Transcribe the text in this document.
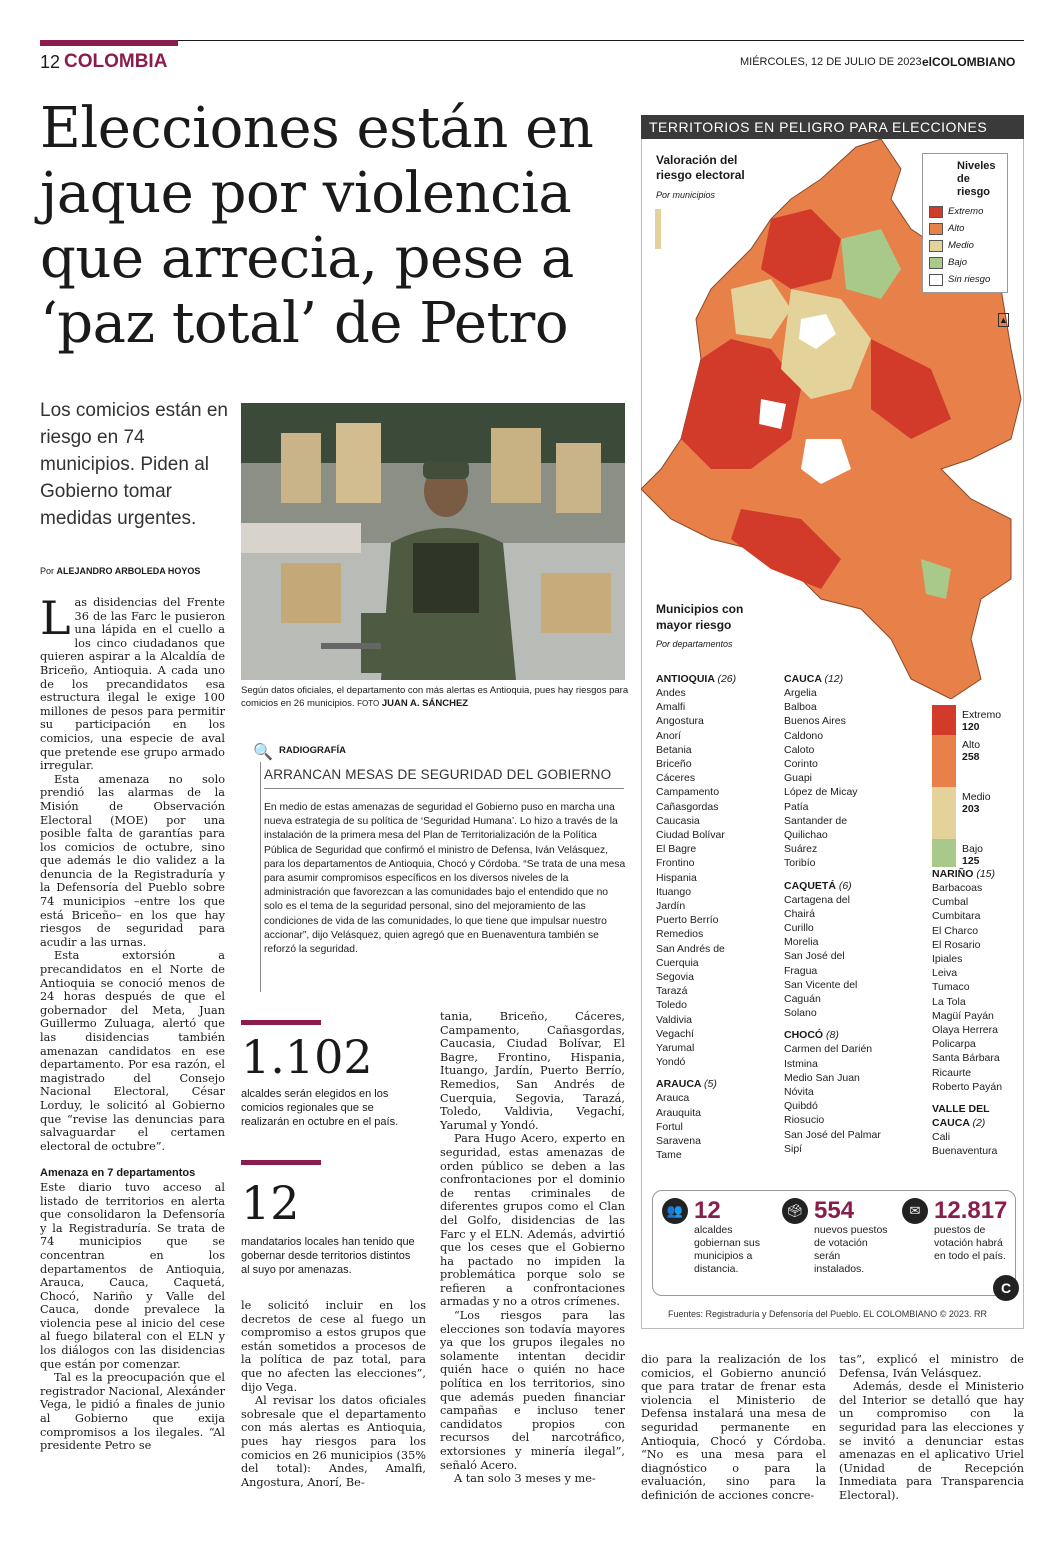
12 COLOMBIA	MIÉRCOLES, 12 DE JULIO DE 2023 elCOLOMBIANO
Elecciones están en jaque por violencia que arrecia, pese a ‘paz total’ de Petro
Los comicios están en riesgo en 74 municipios. Piden al Gobierno tomar medidas urgentes.
Por ALEJANDRO ARBOLEDA HOYOS

Las disidencias del Frente 36 de las Farc le pusieron una lápida en el cuello a los cinco ciudadanos que quieren aspirar a la Alcaldía de Briceño, Antioquia. A cada uno de los precandidatos esa estructura ilegal le exige 100 millones de pesos para permitir su participación en los comicios, una especie de aval que pretende ese grupo armado irregular.

Esta amenaza no solo prendió las alarmas de la Misión de Observación Electoral (MOE) por una posible falta de garantías para los comicios de octubre, sino que además le dio validez a la denuncia de la Registraduría y la Defensoría del Pueblo sobre 74 municipios –entre los que está Briceño– en los que hay riesgos de seguridad para acudir a las urnas.

Esta extorsión a precandidatos en el Norte de Antioquia se conoció menos de 24 horas después de que el gobernador del Meta, Juan Guillermo Zuluaga, alertó que las disidencias también amenazan candidatos en ese departamento. Por esa razón, el magistrado del Consejo Nacional Electoral, César Lorduy, le solicitó al Gobierno que “revise las denuncias para salvaguardar el certamen electoral de octubre”.

Amenaza en 7 departamentos

Este diario tuvo acceso al listado de territorios en alerta que consolidaron la Defensoría y la Registraduría. Se trata de 74 municipios que se concentran en los departamentos de Antioquia, Arauca, Cauca, Caquetá, Chocó, Nariño y Valle del Cauca, donde prevalece la violencia pese al inicio del cese al fuego bilateral con el ELN y los diálogos con las disidencias que están por comenzar.

Tal es la preocupación que el registrador Nacional, Alexánder Vega, le pidió a finales de junio al Gobierno que exija compromisos a los ilegales. “Al presidente Petro se

Según datos oficiales, el departamento con más alertas es Antioquia, pues hay riesgos para comicios en 26 municipios. FOTO JUAN A. SÁNCHEZ
🔍 RADIOGRAFÍA
ARRANCAN MESAS DE SEGURIDAD DEL GOBIERNO
En medio de estas amenazas de seguridad el Gobierno puso en marcha una nueva estrategia de su política de ‘Seguridad Humana’. Lo hizo a través de la instalación de la primera mesa del Plan de Territorialización de la Política Pública de Seguridad que confirmó el ministro de Defensa, Iván Velásquez, para los departamentos de Antioquia, Chocó y Córdoba. “Se trata de una mesa para asumir compromisos específicos en los diversos niveles de la administración que favorezcan a las comunidades bajo el entendido que no solo es el tema de la seguridad personal, sino del mejoramiento de las condiciones de vida de las comunidades, lo que tiene que impulsar nuestro accionar”, dijo Velásquez, quien agregó que en Buenaventura también se reforzó la seguridad.
1.102
alcaldes serán elegidos en los comicios regionales que se realizarán en octubre en el país.
12
mandatarios locales han tenido que gobernar desde territorios distintos al suyo por amenazas.

le solicitó incluir en los decretos de cese al fuego un compromiso a estos grupos que están sometidos a procesos de la política de paz total, para que no afecten las elecciones”, dijo Vega.

Al revisar los datos oficiales sobresale que el departamento con más alertas es Antioquia, pues hay riesgos para los comicios en 26 municipios (35% del total): Andes, Amalfi, Angostura, Anorí, Be-

tania, Briceño, Cáceres, Campamento, Cañasgordas, Caucasia, Ciudad Bolívar, El Bagre, Frontino, Hispania, Ituango, Jardín, Puerto Berrío, Remedios, San Andrés de Cuerquia, Segovia, Tarazá, Toledo, Valdivia, Vegachí, Yarumal y Yondó.

Para Hugo Acero, experto en seguridad, estas amenazas de orden público se deben a las confrontaciones por el dominio de rentas criminales de diferentes grupos como el Clan del Golfo, disidencias de las Farc y el ELN. Además, advirtió que los ceses que el Gobierno ha pactado no impiden la problemática porque solo se refieren a confrontaciones armadas y no a otros crímenes.

“Los riesgos para las elecciones son todavía mayores ya que los grupos ilegales no solamente intentan decidir quién hace o quién no hace política en los territorios, sino que además pueden financiar campañas e incluso tener candidatos propios con recursos del narcotráfico, extorsiones y minería ilegal”, señaló Acero.

A tan solo 3 meses y me-

dio para la realización de los comicios, el Gobierno anunció que para tratar de frenar esta violencia el Ministerio de Defensa instalará una mesa de seguridad permanente en Antioquia, Chocó y Córdoba. “No es una mesa para el diagnóstico o para la evaluación, sino para la definición de acciones concre-

tas”, explicó el ministro de Defensa, Iván Velásquez.

Además, desde el Ministerio del Interior se detalló que hay un compromiso con la seguridad para las elecciones y se invitó a denunciar estas amenazas en el aplicativo Uriel (Unidad de Recepción Inmediata para Transparencia Electoral).

TERRITORIOS EN PELIGRO PARA ELECCIONES
Valoración del riesgo electoral
Por municipios
Niveles de riesgo
Extremo
Alto
Medio
Bajo
Sin riesgo
▲
Municipios con mayor riesgo
Por departamentos
ANTIOQUIA (26)
Andes
Amalfi
Angostura
Anorí
Betania
Briceño
Cáceres
Campamento
Cañasgordas
Caucasia
Ciudad Bolívar
El Bagre
Frontino
Hispania
Ituango
Jardín
Puerto Berrío
Remedios
San Andrés de
Cuerquia
Segovia
Tarazá
Toledo
Valdivia
Vegachí
Yarumal
Yondó
ARAUCA (5)
Arauca
Arauquita
Fortul
Saravena
Tame
CAUCA (12)
Argelia
Balboa
Buenos Aires
Caldono
Caloto
Corinto
Guapi
López de Micay
Patía
Santander de
Quilichao
Suárez
Toribío
CAQUETÁ (6)
Cartagena del
Chairá
Curillo
Morelia
San José del
Fragua
San Vicente del
Caguán
Solano
CHOCÓ (8)
Carmen del Darién
Istmina
Medio San Juan
Nóvita
Quibdó
Riosucio
San José del Palmar
Sipí
NARIÑO (15)
Barbacoas
Cumbal
Cumbitara
El Charco
El Rosario
Ipiales
Leiva
Tumaco
La Tola
Magüí Payán
Olaya Herrera
Policarpa
Santa Bárbara
Ricaurte
Roberto Payán
VALLE DEL CAUCA (2)
Cali
Buenaventura
Extremo
120
Alto
258
Medio
203
Bajo
125
👥 12
alcaldes gobiernan sus municipios a distancia.
🗳 554
nuevos puestos de votación serán instalados.
✉ 12.817
puestos de votación habrá en todo el país.
C
Fuentes: Registraduría y Defensoría del Pueblo. EL COLOMBIANO © 2023. RR
